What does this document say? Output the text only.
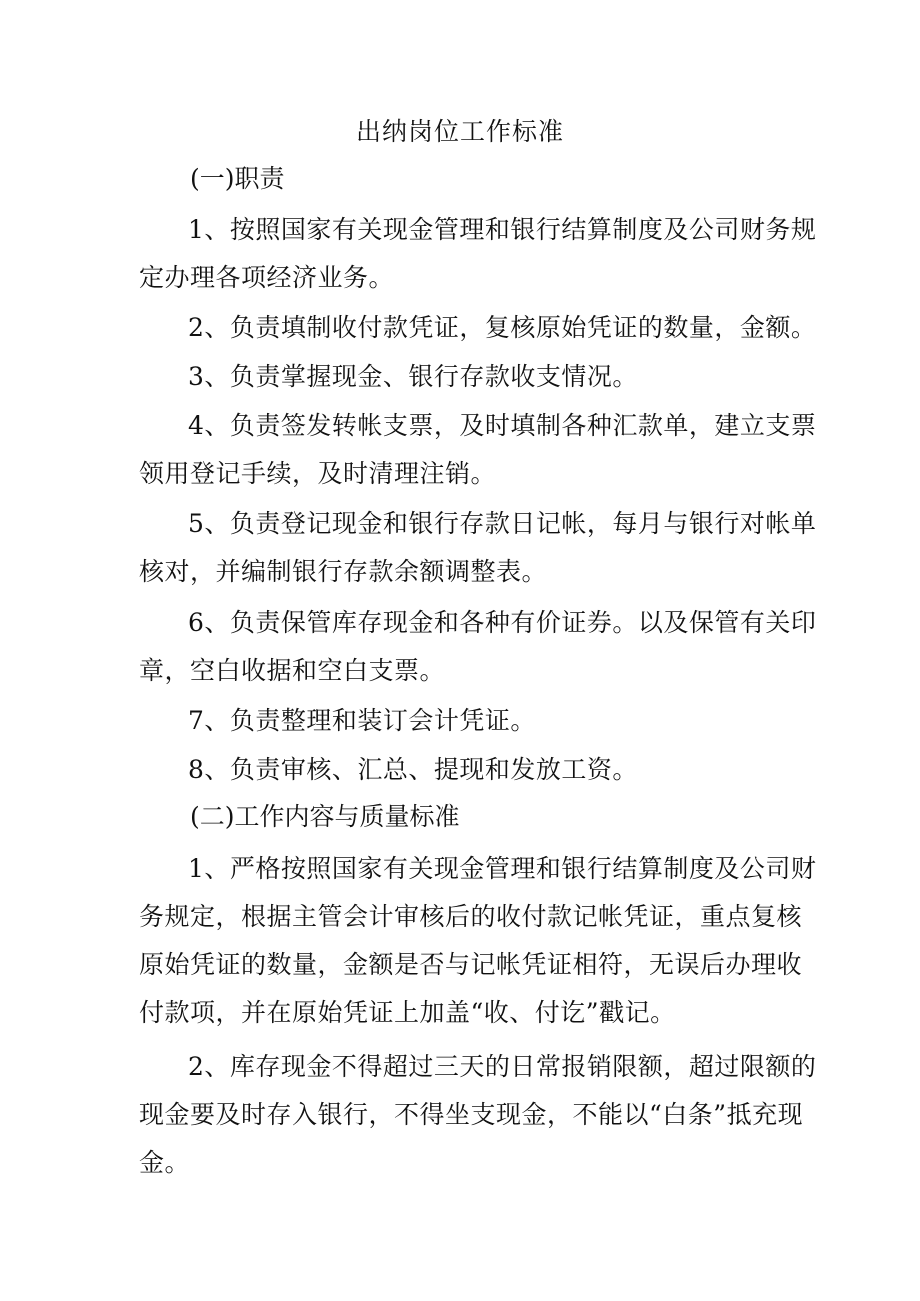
出纳岗位工作标准
(一)职责
1、按照国家有关现金管理和银行结算制度及公司财务规定办理各项经济业务。
2、负责填制收付款凭证，复核原始凭证的数量，金额。
3、负责掌握现金、银行存款收支情况。
4、负责签发转帐支票，及时填制各种汇款单，建立支票领用登记手续，及时清理注销。
5、负责登记现金和银行存款日记帐，每月与银行对帐单核对，并编制银行存款余额调整表。
6、负责保管库存现金和各种有价证券。以及保管有关印章，空白收据和空白支票。
7、负责整理和装订会计凭证。
8、负责审核、汇总、提现和发放工资。
(二)工作内容与质量标准
1、严格按照国家有关现金管理和银行结算制度及公司财务规定，根据主管会计审核后的收付款记帐凭证，重点复核原始凭证的数量，金额是否与记帐凭证相符，无误后办理收付款项，并在原始凭证上加盖“收、付讫”戳记。
2、库存现金不得超过三天的日常报销限额，超过限额的现金要及时存入银行，不得坐支现金，不能以“白条”抵充现金。
